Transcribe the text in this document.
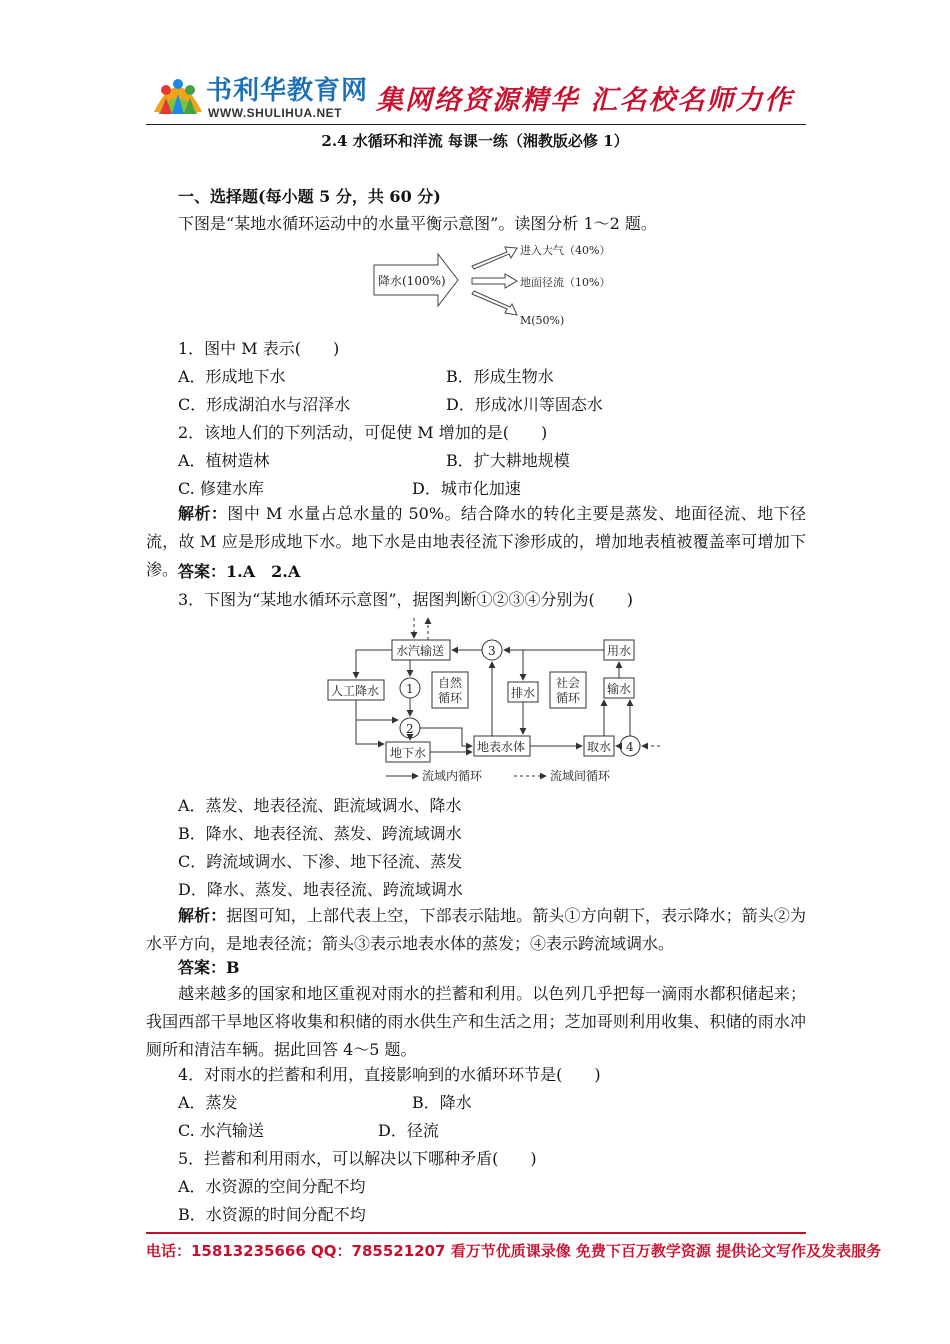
书利华教育网
WWW.SHULIHUA.NET 集网络资源精华 汇名校名师力作
2.4 水循环和洋流 每课一练（湘教版必修 1）
一、选择题(每小题 5 分，共 60 分)
下图是“某地水循环运动中的水量平衡示意图”。读图分析 1～2 题。
降水(100%)
进入大气（40%）
地面径流（10%）
M(50%)
1．图中 M 表示(　　)
A．形成地下水	B．形成生物水
C．形成湖泊水与沼泽水	D．形成冰川等固态水
2．该地人们的下列活动，可促使 M 增加的是(　　)
A．植树造林	B．扩大耕地规模
C. 修建水库	D．城市化加速
解析：图中 M 水量占总水量的 50%。结合降水的转化主要是蒸发、地面径流、地下径流，故 M 应是形成地下水。地下水是由地表径流下渗形成的，增加地表植被覆盖率可增加下渗。 答案：1.A　2.A
3．下图为“某地水循环示意图”，据图判断①②③④分别为(　　)
水汽输送
人工降水
自然
循环	排水
社会
循环
用水
输水
地下水	地表水体	取水
1
2
3
4
流域内循环	流域间循环
A．蒸发、地表径流、距流域调水、降水
B．降水、地表径流、蒸发、跨流域调水
C．跨流域调水、下渗、地下径流、蒸发
D．降水、蒸发、地表径流、跨流域调水
解析：据图可知，上部代表上空，下部表示陆地。箭头①方向朝下，表示降水；箭头②为水平方向，是地表径流；箭头③表示地表水体的蒸发；④表示跨流域调水。
答案：B
越来越多的国家和地区重视对雨水的拦蓄和利用。以色列几乎把每一滴雨水都积储起来；我国西部干旱地区将收集和积储的雨水供生产和生活之用；芝加哥则利用收集、积储的雨水冲厕所和清洁车辆。据此回答 4～5 题。
4．对雨水的拦蓄和利用，直接影响到的水循环环节是(　　)
A．蒸发	B．降水
C. 水汽输送	D．径流
5．拦蓄和利用雨水，可以解决以下哪种矛盾(　　)
A．水资源的空间分配不均
B．水资源的时间分配不均
电话：15813235666 QQ：785521207 看万节优质课录像 免费下百万教学资源 提供论文写作及发表服务
